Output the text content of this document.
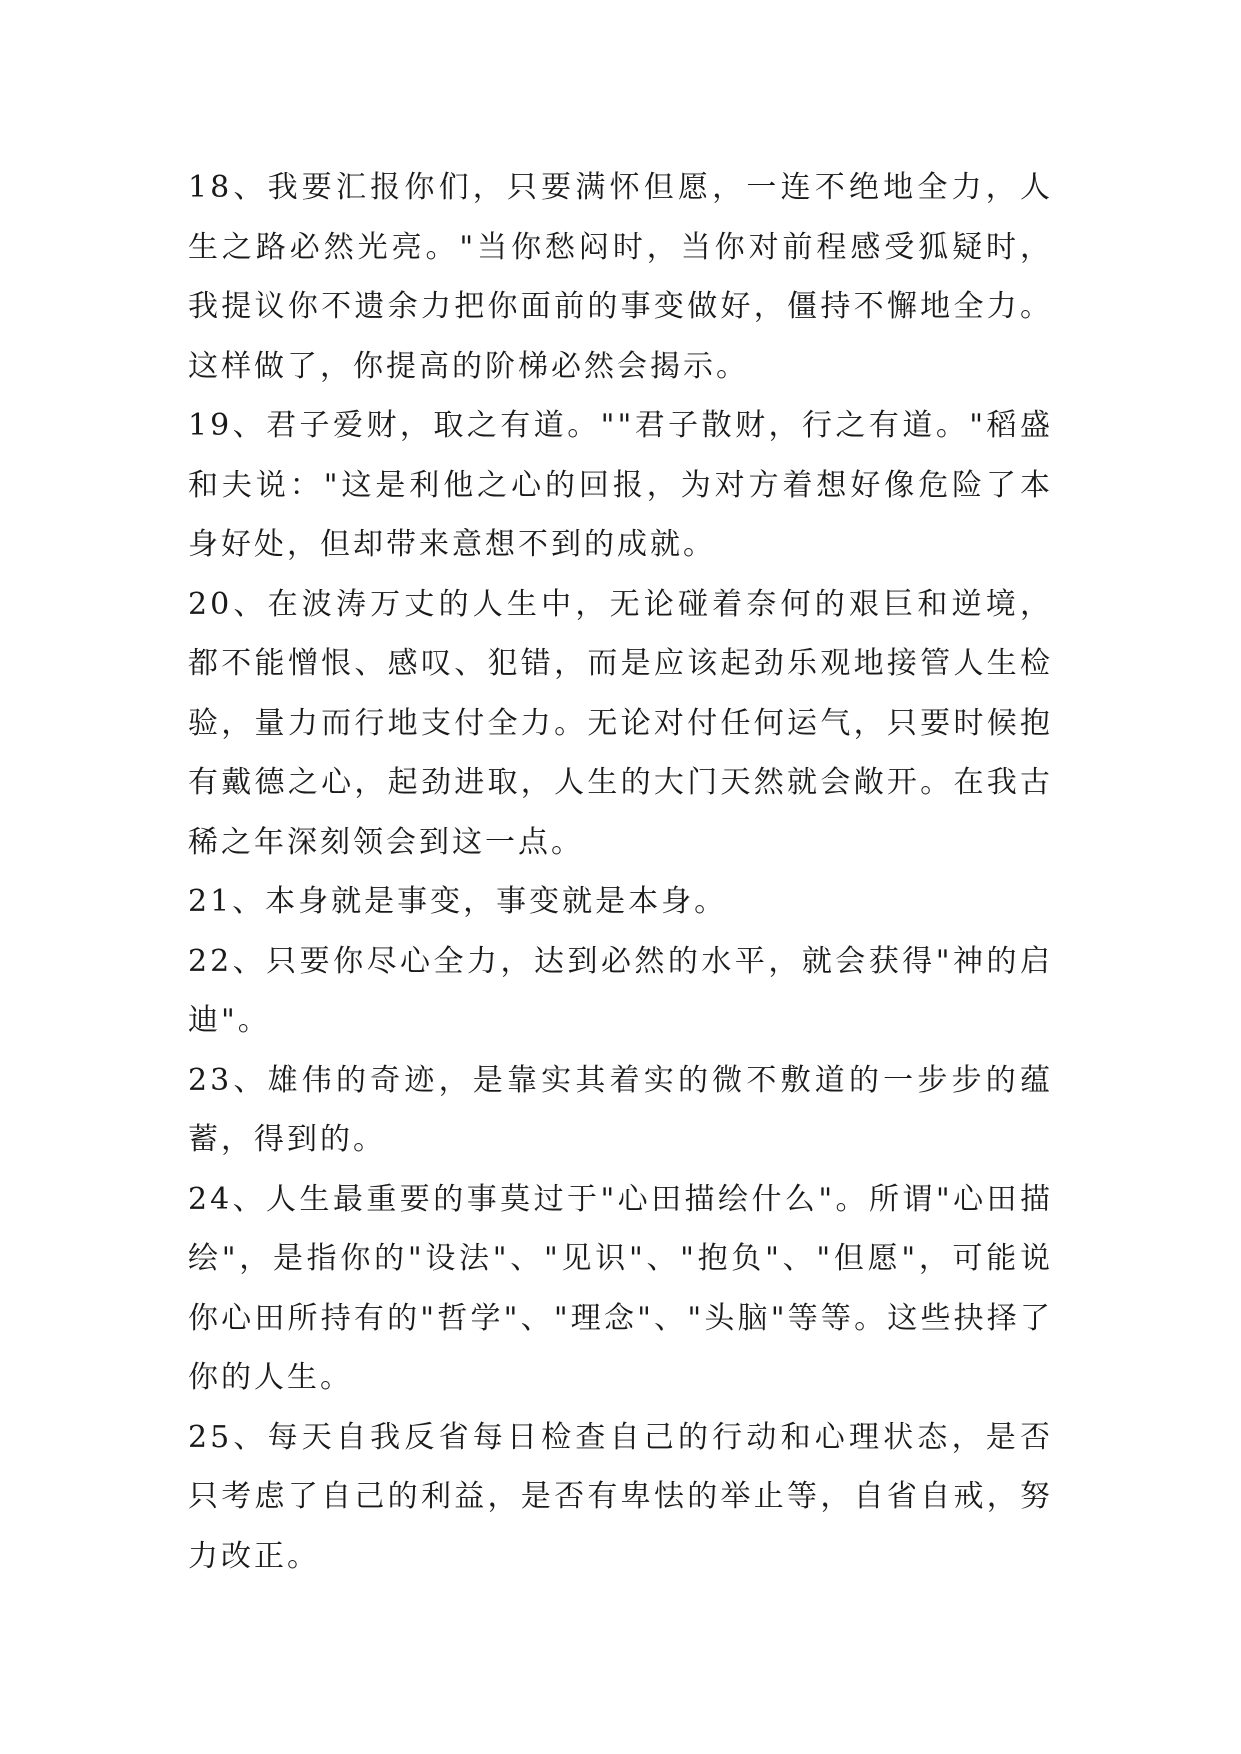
18、我要汇报你们，只要满怀但愿，一连不绝地全力，人生之路必然光亮。"当你愁闷时，当你对前程感受狐疑时，我提议你不遗余力把你面前的事变做好，僵持不懈地全力。这样做了，你提高的阶梯必然会揭示。

19、君子爱财，取之有道。""君子散财，行之有道。"稻盛和夫说："这是利他之心的回报，为对方着想好像危险了本身好处，但却带来意想不到的成就。

20、在波涛万丈的人生中，无论碰着奈何的艰巨和逆境，都不能憎恨、感叹、犯错，而是应该起劲乐观地接管人生检验，量力而行地支付全力。无论对付任何运气，只要时候抱有戴德之心，起劲进取，人生的大门天然就会敞开。在我古稀之年深刻领会到这一点。

21、本身就是事变，事变就是本身。

22、只要你尽心全力，达到必然的水平，就会获得"神的启迪"。

23、雄伟的奇迹，是靠实其着实的微不敷道的一步步的蕴蓄，得到的。

24、人生最重要的事莫过于"心田描绘什么"。所谓"心田描绘"，是指你的"设法"、"见识"、"抱负"、"但愿"，可能说你心田所持有的"哲学"、"理念"、"头脑"等等。这些抉择了你的人生。

25、每天自我反省每日检查自己的行动和心理状态，是否只考虑了自己的利益，是否有卑怯的举止等，自省自戒，努力改正。
